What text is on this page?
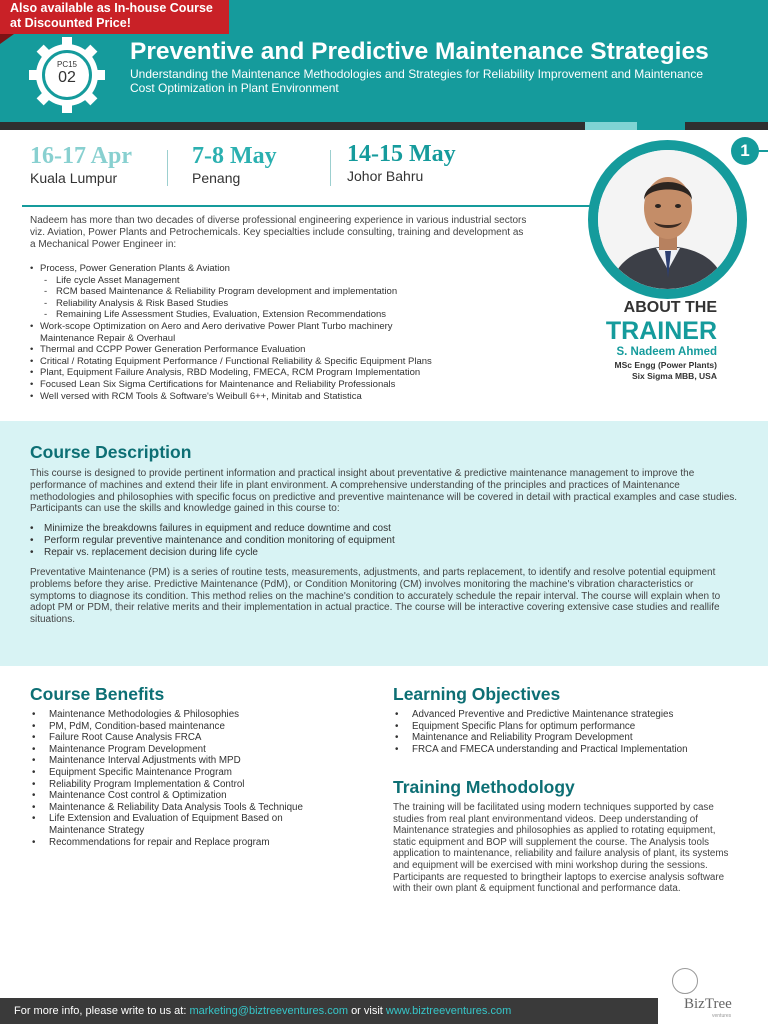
Preventive and Predictive Maintenance Strategies
Understanding the Maintenance Methodologies and Strategies for Reliability Improvement and Maintenance Cost Optimization in Plant Environment
Also available as In-house Course
at Discounted Price!
PC15
02
16-17 Apr
Kuala Lumpur
7-8 May
Penang
14-15 May
Johor Bahru
1
ABOUT THE
TRAINER
S. Nadeem Ahmed
MSc Engg (Power Plants)
Six Sigma MBB, USA
Nadeem has more than two decades of diverse professional engineering experience in various industrial sectors viz. Aviation, Power Plants and Petrochemicals. Key specialties include consulting, training and development as a Mechanical Power Engineer in:
• Process, Power Generation Plants & Aviation
- Life cycle Asset Management
- RCM based Maintenance & Reliability Program development and implementation
- Reliability Analysis & Risk Based Studies
- Remaining Life Assessment Studies, Evaluation, Extension Recommendations
• Work-scope Optimization on Aero and Aero derivative Power Plant Turbo machinery
Maintenance Repair & Overhaul
• Thermal and CCPP Power Generation Performance Evaluation
• Critical / Rotating Equipment Performance / Functional Reliability & Specific Equipment Plans
• Plant, Equipment Failure Analysis, RBD Modeling, FMECA, RCM Program Implementation
• Focused Lean Six Sigma Certifications for Maintenance and Reliability Professionals
• Well versed with RCM Tools & Software's Weibull 6++, Minitab and Statistica
Course Description
This course is designed to provide pertinent information and practical insight about preventative & predictive maintenance management to improve the performance of machines and extend their life in plant environment. A comprehensive understanding of the principles and practices of Maintenance methodologies and philosophies with specific focus on predictive and preventive maintenance will be covered in detail with practical examples and case studies. Participants can use the skills and knowledge gained in this course to:
• Minimize the breakdowns failures in equipment and reduce downtime and cost
• Perform regular preventive maintenance and condition monitoring of equipment
• Repair vs. replacement decision during life cycle
Preventative Maintenance (PM) is a series of routine tests, measurements, adjustments, and parts replacement, to identify and resolve potential equipment problems before they arise. Predictive Maintenance (PdM), or Condition Monitoring (CM) involves monitoring the machine's vibration characteristics or symptoms to diagnose its condition. This method relies on the machine's condition to accurately schedule the repair interval. The course will explain when to adopt PM or PDM, their relative merits and their implementation in actual practice. The course will be interactive covering extensive case studies and reallife situations.
Course Benefits
• Maintenance Methodologies & Philosophies
• PM, PdM, Condition-based maintenance
• Failure Root Cause Analysis FRCA
• Maintenance Program Development
• Maintenance Interval Adjustments with MPD
• Equipment Specific Maintenance Program
• Reliability Program Implementation & Control
• Maintenance Cost control & Optimization
• Maintenance & Reliability Data Analysis Tools & Technique
• Life Extension and Evaluation of Equipment Based on
Maintenance Strategy
• Recommendations for repair and Replace program
Learning Objectives
• Advanced Preventive and Predictive Maintenance strategies
• Equipment Specific Plans for optimum performance
• Maintenance and Reliability Program Development
• FRCA and FMECA understanding and Practical Implementation
Training Methodology
The training will be facilitated using modern techniques supported by case studies from real plant environmentand videos. Deep understanding of Maintenance strategies and philosophies as applied to rotating equipment, static equipment and BOP will supplement the course. The Analysis tools application to maintenance, reliability and failure analysis of plant, its systems and equipment will be exercised with mini workshop during the sessions. Participants are requested to bringtheir laptops to exercise analysis software with their own plant & equipment functional and performance data.
For more info, please write to us at: marketing@biztreeventures.com or visit www.biztreeventures.com	BizTree
ventures
